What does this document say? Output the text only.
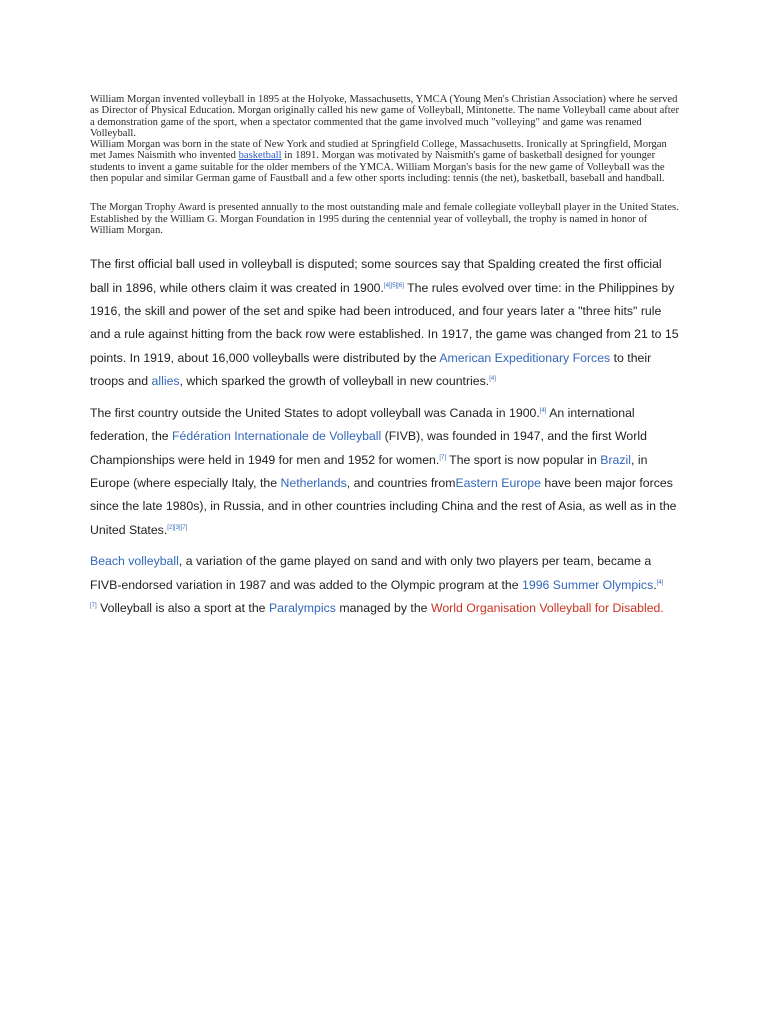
William Morgan invented volleyball in 1895 at the Holyoke, Massachusetts, YMCA (Young Men's Christian Association) where he served as Director of Physical Education. Morgan originally called his new game of Volleyball, Mintonette. The name Volleyball came about after a demonstration game of the sport, when a spectator commented that the game involved much "volleying" and game was renamed Volleyball.

William Morgan was born in the state of New York and studied at Springfield College, Massachusetts. Ironically at Springfield, Morgan met James Naismith who invented basketball in 1891. Morgan was motivated by Naismith's game of basketball designed for younger students to invent a game suitable for the older members of the YMCA. William Morgan's basis for the new game of Volleyball was the then popular and similar German game of Faustball and a few other sports including: tennis (the net), basketball, baseball and handball.

The Morgan Trophy Award is presented annually to the most outstanding male and female collegiate volleyball player in the United States. Established by the William G. Morgan Foundation in 1995 during the centennial year of volleyball, the trophy is named in honor of William Morgan.

The first official ball used in volleyball is disputed; some sources say that Spalding created the first official ball in 1896, while others claim it was created in 1900.[4][5][6] The rules evolved over time: in the Philippines by 1916, the skill and power of the set and spike had been introduced, and four years later a "three hits" rule and a rule against hitting from the back row were established. In 1917, the game was changed from 21 to 15 points. In 1919, about 16,000 volleyballs were distributed by the American Expeditionary Forces to their troops and allies, which sparked the growth of volleyball in new countries.[4]

The first country outside the United States to adopt volleyball was Canada in 1900.[4] An international federation, the Fédération Internationale de Volleyball (FIVB), was founded in 1947, and the first World Championships were held in 1949 for men and 1952 for women.[7] The sport is now popular in Brazil, in Europe (where especially Italy, the Netherlands, and countries fromEastern Europe have been major forces since the late 1980s), in Russia, and in other countries including China and the rest of Asia, as well as in the United States.[2][3][7]

Beach volleyball, a variation of the game played on sand and with only two players per team, became a FIVB-endorsed variation in 1987 and was added to the Olympic program at the 1996 Summer Olympics.[4]
[7] Volleyball is also a sport at the Paralympics managed by the World Organisation Volleyball for Disabled.
